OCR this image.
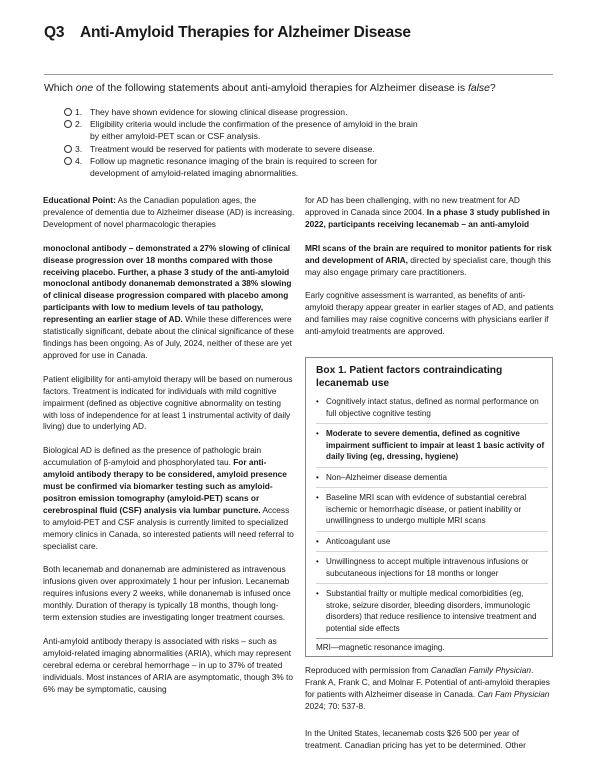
Q3 Anti-Amyloid Therapies for Alzheimer Disease
Which one of the following statements about anti-amyloid therapies for Alzheimer disease is false?
1. They have shown evidence for slowing clinical disease progression.
2. Eligibility criteria would include the confirmation of the presence of amyloid in the brain
by either amyloid-PET scan or CSF analysis.
3. Treatment would be reserved for patients with moderate to severe disease.
4. Follow up magnetic resonance imaging of the brain is required to screen for
development of amyloid-related imaging abnormalities.

Educational Point: As the Canadian population ages, the prevalence of dementia due to Alzheimer disease (AD) is increasing. Development of novel pharmacologic therapies

monoclonal antibody – demonstrated a 27% slowing of clinical disease progression over 18 months compared with those receiving placebo. Further, a phase 3 study of the anti-amyloid monoclonal antibody donanemab demonstrated a 38% slowing of clinical disease progression compared with placebo among participants with low to medium levels of tau pathology, representing an earlier stage of AD. While these differences were statistically significant, debate about the clinical significance of these findings has been ongoing. As of July, 2024, neither of these are yet approved for use in Canada.

Patient eligibility for anti-amyloid therapy will be based on numerous factors. Treatment is indicated for individuals with mild cognitive impairment (defined as objective cognitive abnormality on testing with loss of independence for at least 1 instrumental activity of daily living) due to underlying AD.

Biological AD is defined as the presence of pathologic brain accumulation of β-amyloid and phosphorylated tau. For anti-amyloid antibody therapy to be considered, amyloid presence must be confirmed via biomarker testing such as amyloid-positron emission tomography (amyloid-PET) scans or cerebrospinal fluid (CSF) analysis via lumbar puncture. Access to amyloid-PET and CSF analysis is currently limited to specialized memory clinics in Canada, so interested patients will need referral to specialist care.

Both lecanemab and donanemab are administered as intravenous infusions given over approximately 1 hour per infusion. Lecanemab requires infusions every 2 weeks, while donanemab is infused once monthly. Duration of therapy is typically 18 months, though long-term extension studies are investigating longer treatment courses.

Anti-amyloid antibody therapy is associated with risks – such as amyloid-related imaging abnormalities (ARIA), which may represent cerebral edema or cerebral hemorrhage – in up to 37% of treated individuals. Most instances of ARIA are asymptomatic, though 3% to 6% may be symptomatic, causing

for AD has been challenging, with no new treatment for AD approved in Canada since 2004. In a phase 3 study published in 2022, participants receiving lecanemab – an anti-amyloid

MRI scans of the brain are required to monitor patients for risk and development of ARIA, directed by specialist care, though this may also engage primary care practitioners.

Early cognitive assessment is warranted, as benefits of anti-amyloid therapy appear greater in earlier stages of AD, and patients and families may raise cognitive concerns with physicians earlier if anti-amyloid treatments are approved.

Box 1. Patient factors contraindicating lecanemab use
• Cognitively intact status, defined as normal performance on full objective cognitive testing
• Moderate to severe dementia, defined as cognitive impairment sufficient to impair at least 1 basic activity of daily living (eg, dressing, hygiene)
• Non–Alzheimer disease dementia
• Baseline MRI scan with evidence of substantial cerebral ischemic or hemorrhagic disease, or patient inability or unwillingness to undergo multiple MRI scans
• Anticoagulant use
• Unwillingness to accept multiple intravenous infusions or subcutaneous injections for 18 months or longer
• Substantial frailty or multiple medical comorbidities (eg, stroke, seizure disorder, bleeding disorders, immunologic disorders) that reduce resilience to intensive treatment and potential side effects
MRI—magnetic resonance imaging.
Reproduced with permission from Canadian Family Physician. Frank A, Frank C, and Molnar F. Potential of anti-amyloid therapies for patients with Alzheimer disease in Canada. Can Fam Physician 2024; 70: 537-8.
In the United States, lecanemab costs $26 500 per year of treatment. Canadian pricing has yet to be determined. Other
